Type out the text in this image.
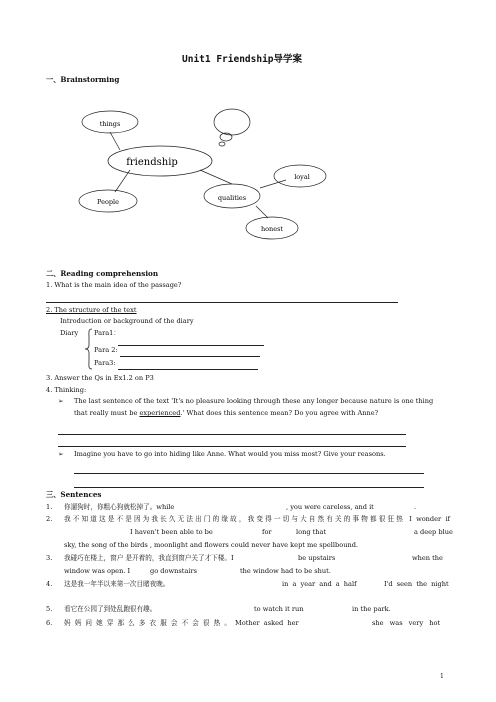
Unit1 Friendship导学案
一、Brainstorming
things
friendship
People	qualities
loyal
honest
二、Reading comprehension
1. What is the main idea of the passage?
2. The structure of the text
Introduction or background of the diary
Diary Para1：
Para 2:
Para3:
3. Answer the Qs in Ex1.2 on P3
4. Thinking:
➢ The last sentence of the text 'It's no pleasure looking through these any longer because nature is one thing
that really must be experienced.' What does this sentence mean? Do you agree with Anne?
➢ Imagine you have to go into hiding like Anne. What would you miss most? Give your reasons.
三、Sentences
1. 你遛狗时，你粗心狗就松掉了。while	, you were careless, and it	.
2. 我不知道这是不是因为我长久无法出门的缘故，我变得一切与大自然有关的事物都很狂热 I wonder if
I haven't been able to be	for	long that	a deep blue
sky, the song of the birds , moonlight and flowers could never have kept me spellbound.
3. 我碰巧在楼上，窗户 是开着的，我直到窗户关了才下楼。I	be upstairs	when the
window was open. I	go downstairs	the window had to be shut.
4. 这是我一年半以来第一次目睹夜晚。	in a year and a half	I'd seen the night
5. 看它在公园了到处乱跑很有趣。	to watch it run	in the park.
6. 妈 妈 问 她 穿 那 么 多 衣 服 会 不 会 很 热 。 Mother asked her	she was very hot
1
